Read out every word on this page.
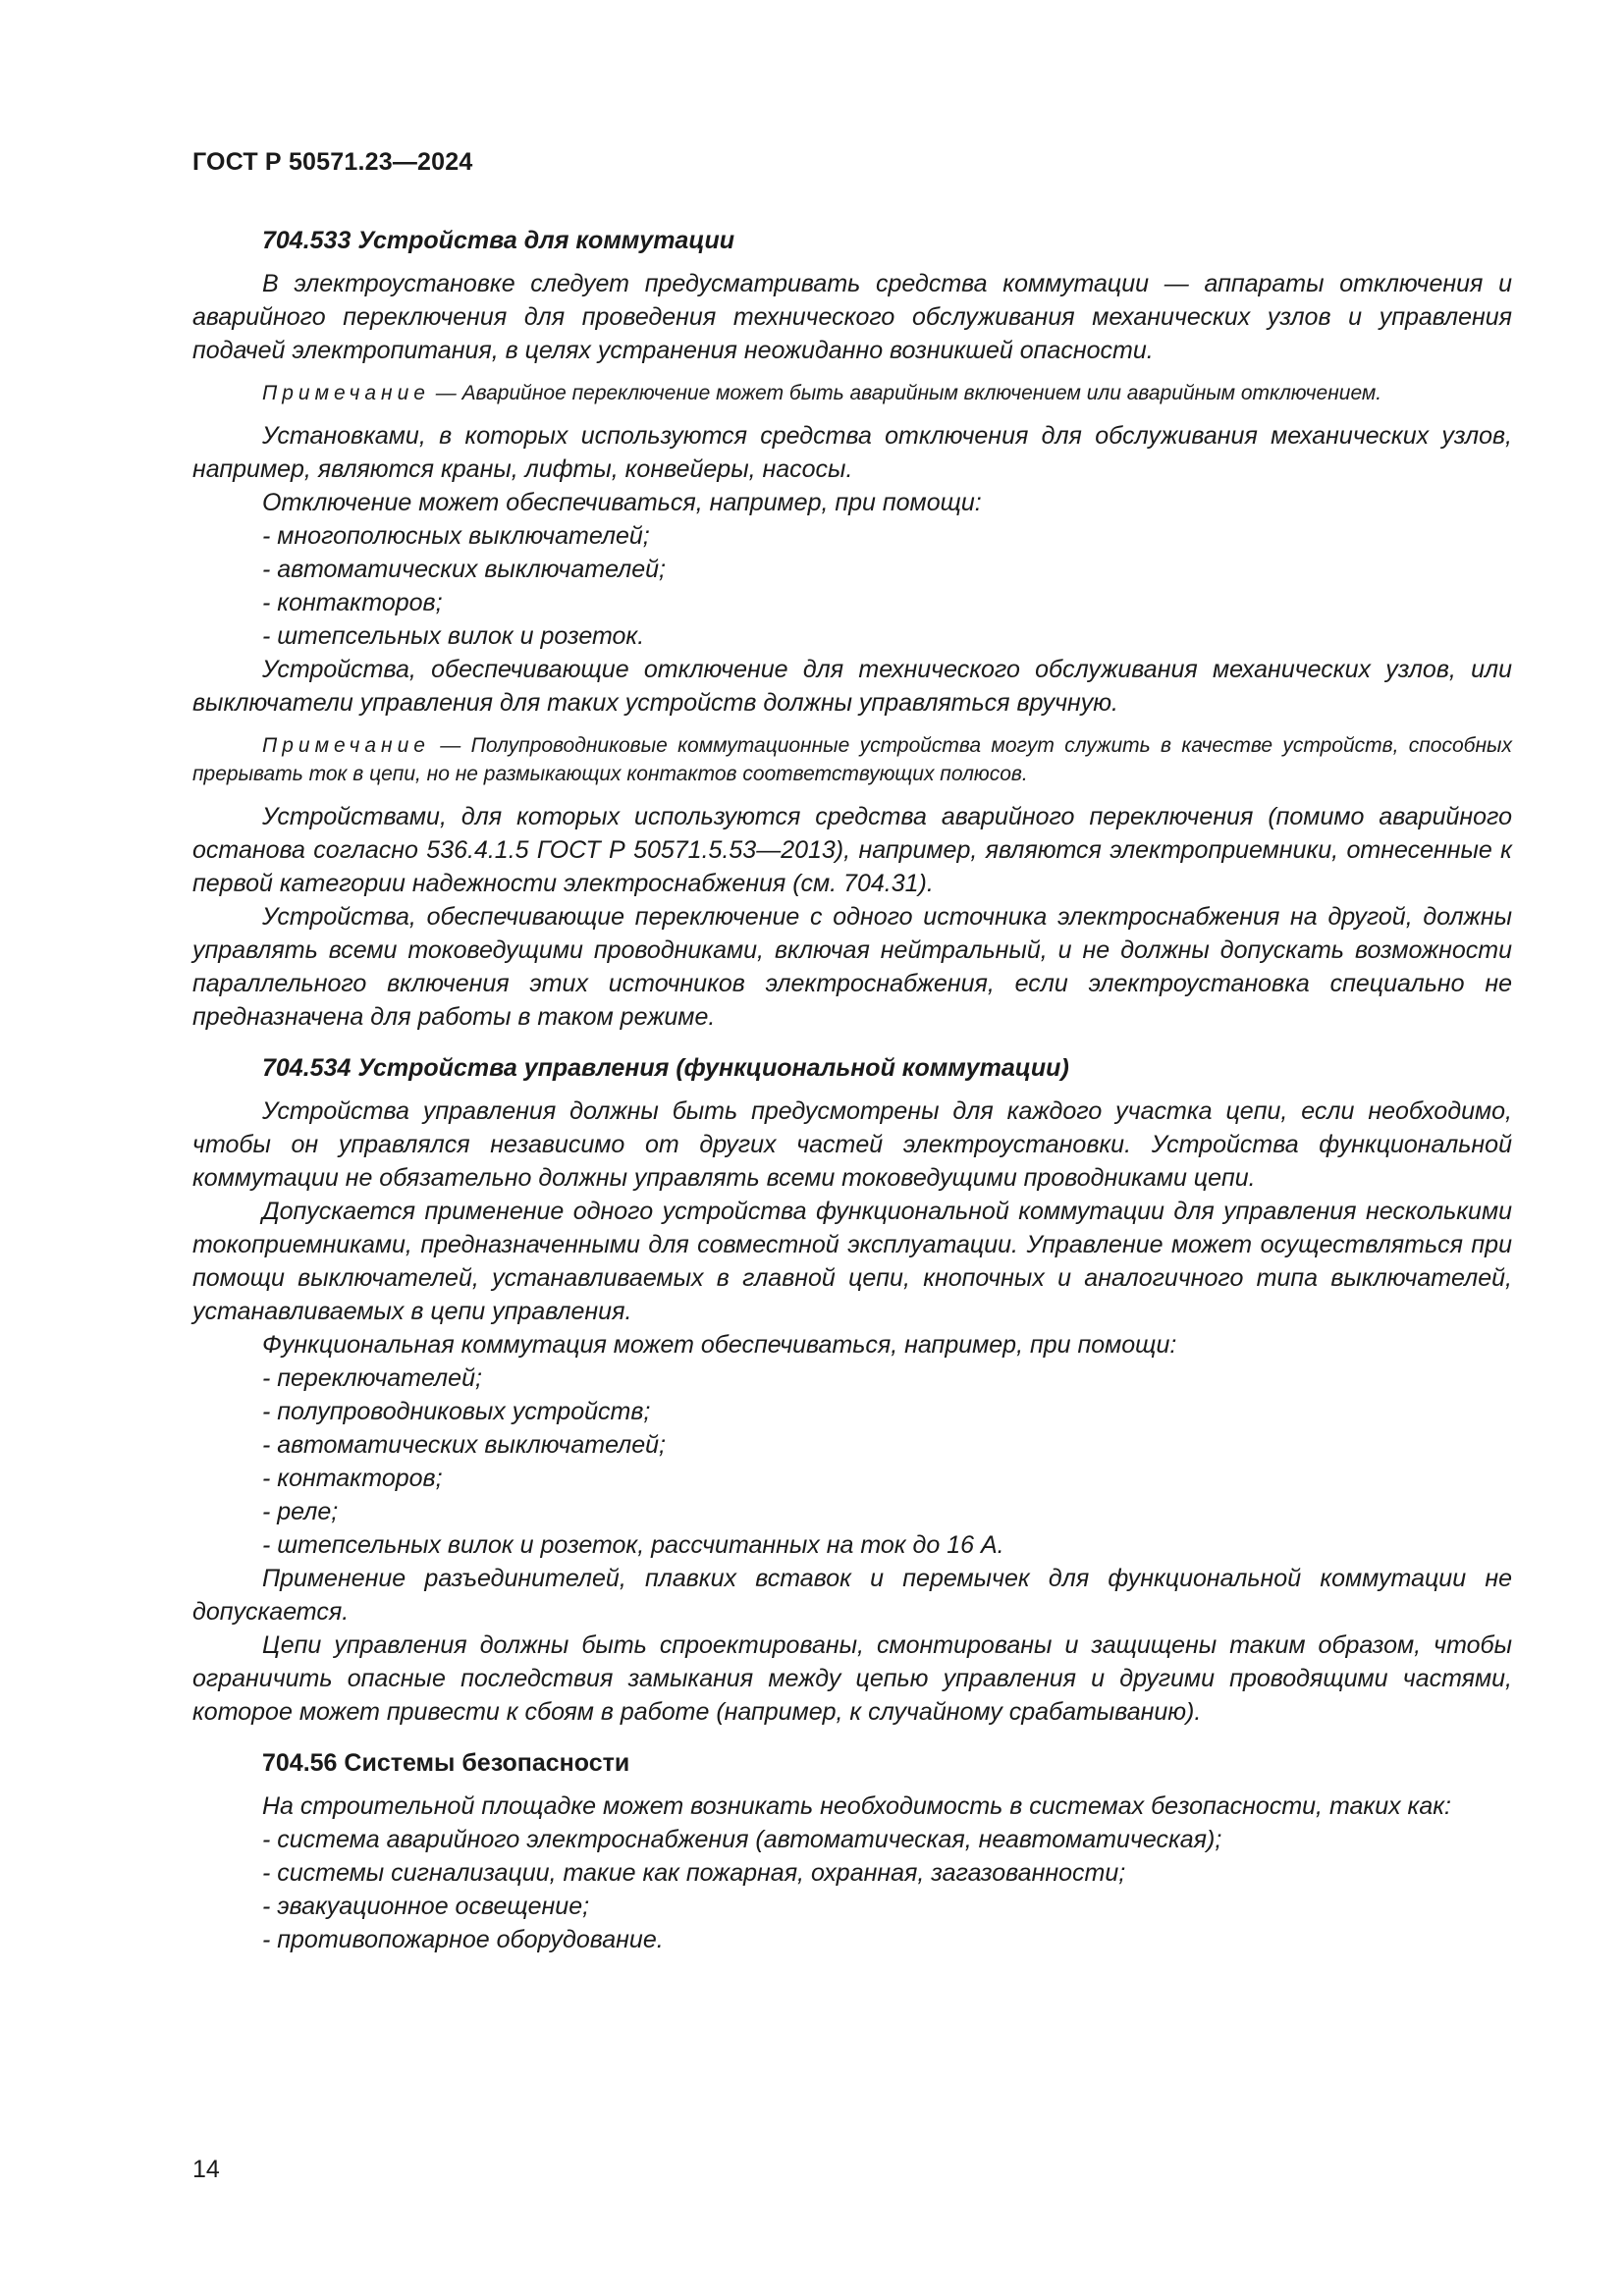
ГОСТ Р 50571.23—2024

704.533 Устройства для коммутации

В электроустановке следует предусматривать средства коммутации — аппараты отключения и аварийного переключения для проведения технического обслуживания механических узлов и управления подачей электропитания, в целях устранения неожиданно возникшей опасности.

Примечание — Аварийное переключение может быть аварийным включением или аварийным отключением.

Установками, в которых используются средства отключения для обслуживания механических узлов, например, являются краны, лифты, конвейеры, насосы.

Отключение может обеспечиваться, например, при помощи:

- многополюсных выключателей;

- автоматических выключателей;

- контакторов;

- штепсельных вилок и розеток.

Устройства, обеспечивающие отключение для технического обслуживания механических узлов, или выключатели управления для таких устройств должны управляться вручную.

Примечание — Полупроводниковые коммутационные устройства могут служить в качестве устройств, способных прерывать ток в цепи, но не размыкающих контактов соответствующих полюсов.

Устройствами, для которых используются средства аварийного переключения (помимо аварийного останова согласно 536.4.1.5 ГОСТ Р 50571.5.53—2013), например, являются электроприемники, отнесенные к первой категории надежности электроснабжения (см. 704.31).

Устройства, обеспечивающие переключение с одного источника электроснабжения на другой, должны управлять всеми токоведущими проводниками, включая нейтральный, и не должны допускать возможности параллельного включения этих источников электроснабжения, если электроустановка специально не предназначена для работы в таком режиме.

704.534 Устройства управления (функциональной коммутации)

Устройства управления должны быть предусмотрены для каждого участка цепи, если необходимо, чтобы он управлялся независимо от других частей электроустановки. Устройства функциональной коммутации не обязательно должны управлять всеми токоведущими проводниками цепи.

Допускается применение одного устройства функциональной коммутации для управления несколькими токоприемниками, предназначенными для совместной эксплуатации. Управление может осуществляться при помощи выключателей, устанавливаемых в главной цепи, кнопочных и аналогичного типа выключателей, устанавливаемых в цепи управления.

Функциональная коммутация может обеспечиваться, например, при помощи:

- переключателей;

- полупроводниковых устройств;

- автоматических выключателей;

- контакторов;

- реле;

- штепсельных вилок и розеток, рассчитанных на ток до 16 А.

Применение разъединителей, плавких вставок и перемычек для функциональной коммутации не допускается.

Цепи управления должны быть спроектированы, смонтированы и защищены таким образом, чтобы ограничить опасные последствия замыкания между цепью управления и другими проводящими частями, которое может привести к сбоям в работе (например, к случайному срабатыванию).

704.56 Системы безопасности

На строительной площадке может возникать необходимость в системах безопасности, таких как:

- система аварийного электроснабжения (автоматическая, неавтоматическая);

- системы сигнализации, такие как пожарная, охранная, загазованности;

- эвакуационное освещение;

- противопожарное оборудование.

14
